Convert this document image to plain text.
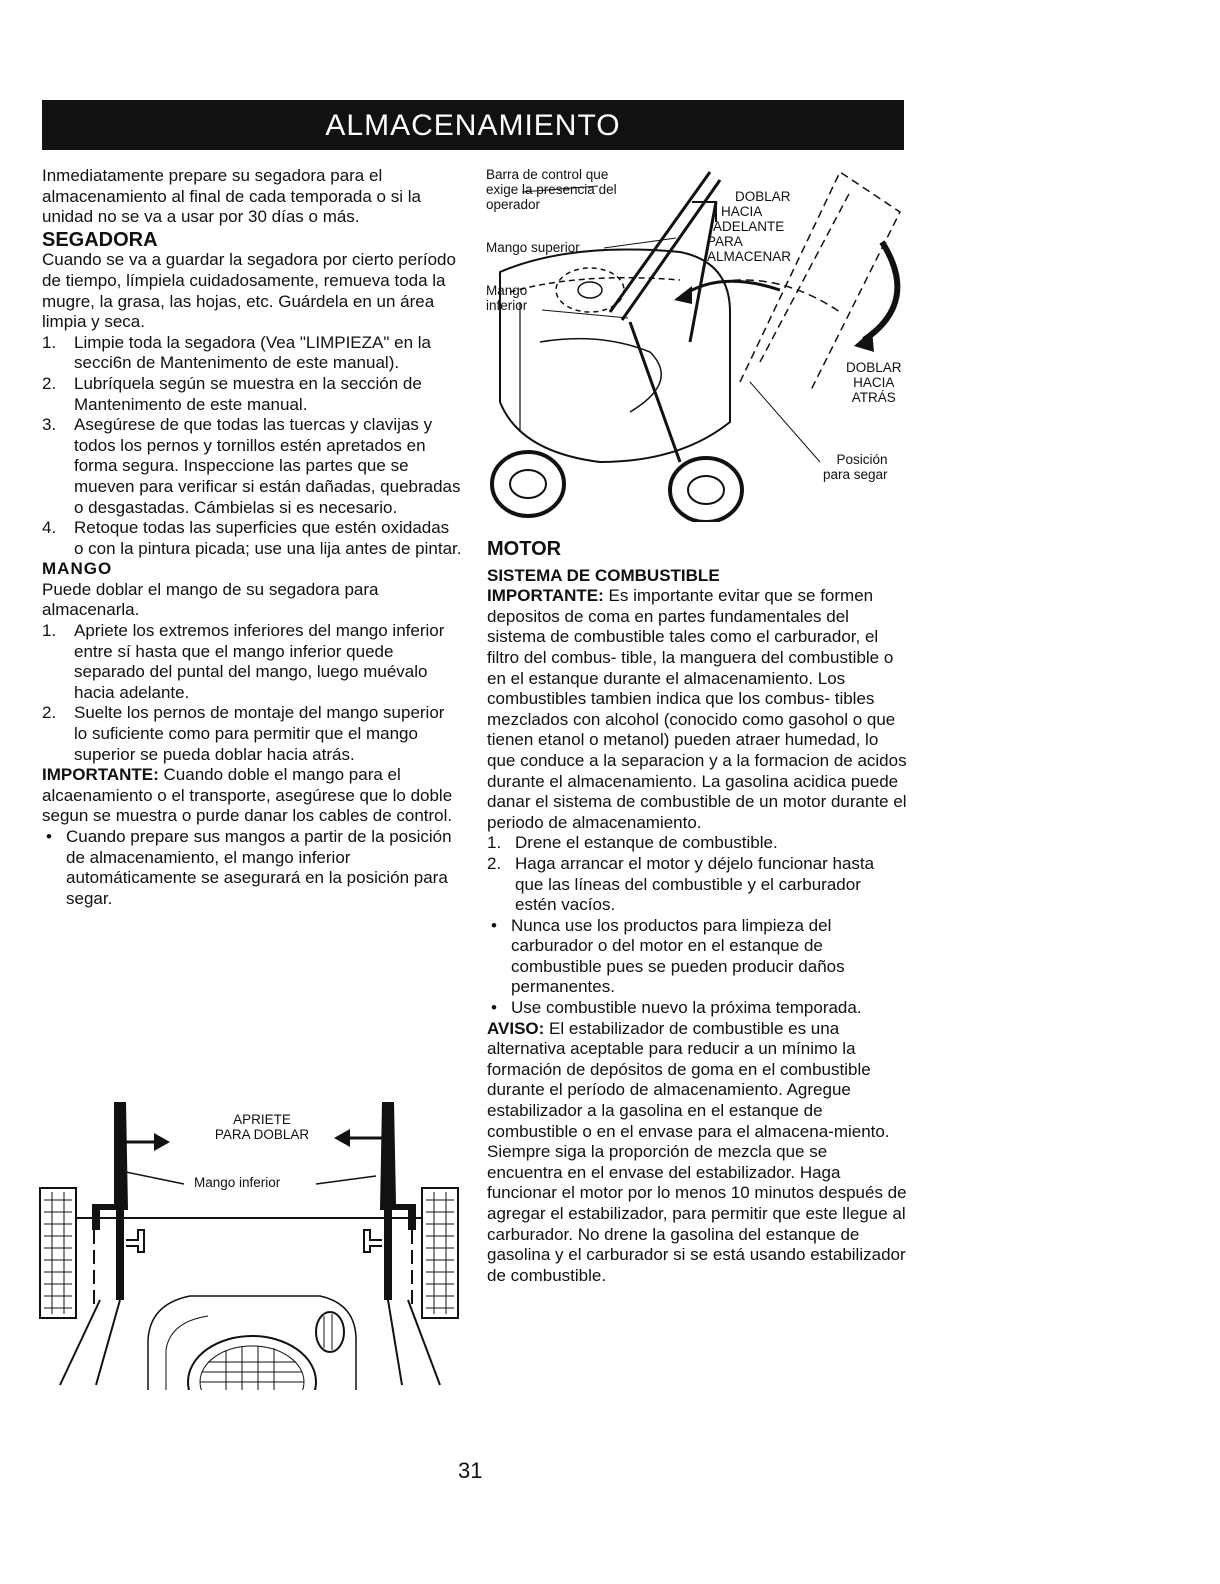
ALMACENAMIENTO

Inmediatamente prepare su segadora para el almacenamiento al final de cada temporada o si la unidad no se va a usar por 30 días o más.

SEGADORA

Cuando se va a guardar la segadora por cierto período de tiempo, límpiela cuidadosamente, remueva toda la mugre, la grasa, las hojas, etc. Guárdela en un área limpia y seca.

1. Limpie toda la segadora (Vea "LIMPIEZA" en la secci6n de Mantenimento de este manual).
2. Lubríquela según se muestra en la sección de Mantenimento de este manual.
3. Asegúrese de que todas las tuercas y clavijas y todos los pernos y tornillos estén apretados en forma segura. Inspeccione las partes que se mueven para verificar si están dañadas, quebradas o desgastadas. Cámbielas si es necesario.
4. Retoque todas las superficies que estén oxidadas o con la pintura picada; use una lija antes de pintar.
MANGO

Puede doblar el mango de su segadora para almacenarla.

1. Apriete los extremos inferiores del mango inferior entre sí hasta que el mango inferior quede separado del puntal del mango, luego muévalo hacia adelante.
2. Suelte los pernos de montaje del mango superior lo suficiente como para permitir que el mango superior se pueda doblar hacia atrás.

IMPORTANTE: Cuando doble el mango para el alcaenamiento o el transporte, asegúrese que lo doble segun se muestra o purde danar los cables de control.

• Cuando prepare sus mangos a partir de la posición de almacenamiento, el mango inferior automáticamente se asegurará en la posición para segar.
APRIETE
PARA DOBLAR
Mango inferior
Barra de control que
exige la presencia del
operador
Mango superior
Mango
inferior
DOBLAR
HACIA
ADELANTE
PARA
ALMACENAR
DOBLAR
HACIA
ATRÁS
Posición
para segar
MOTOR
SISTEMA DE COMBUSTIBLE

IMPORTANTE: Es importante evitar que se formen depositos de coma en partes fundamentales del sistema de combustible tales como el carburador, el filtro del combus- tible, la manguera del combustible o en el estanque durante el almacenamiento. Los combustibles tambien indica que los combus- tibles mezclados con alcohol (conocido como gasohol o que tienen etanol o metanol) pueden atraer humedad, lo que conduce a la separacion y a la formacion de acidos durante el almacenamiento. La gasolina acidica puede danar el sistema de combustible de un motor durante el periodo de almacenamiento.

1. Drene el estanque de combustible.
2. Haga arrancar el motor y déjelo funcionar hasta que las líneas del combustible y el carburador estén vacíos.
• Nunca use los productos para limpieza del carburador o del motor en el estanque de combustible pues se pueden producir daños permanentes.
• Use combustible nuevo la próxima temporada.

AVISO: El estabilizador de combustible es una alternativa aceptable para reducir a un mínimo la formación de depósitos de goma en el combustible durante el período de almacenamiento. Agregue estabilizador a la gasolina en el estanque de combustible o en el envase para el almacena-miento. Siempre siga la proporción de mezcla que se encuentra en el envase del estabilizador. Haga funcionar el motor por lo menos 10 minutos después de agregar el estabilizador, para permitir que este llegue al carburador. No drene la gasolina del estanque de gasolina y el carburador si se está usando estabilizador de combustible.

31
